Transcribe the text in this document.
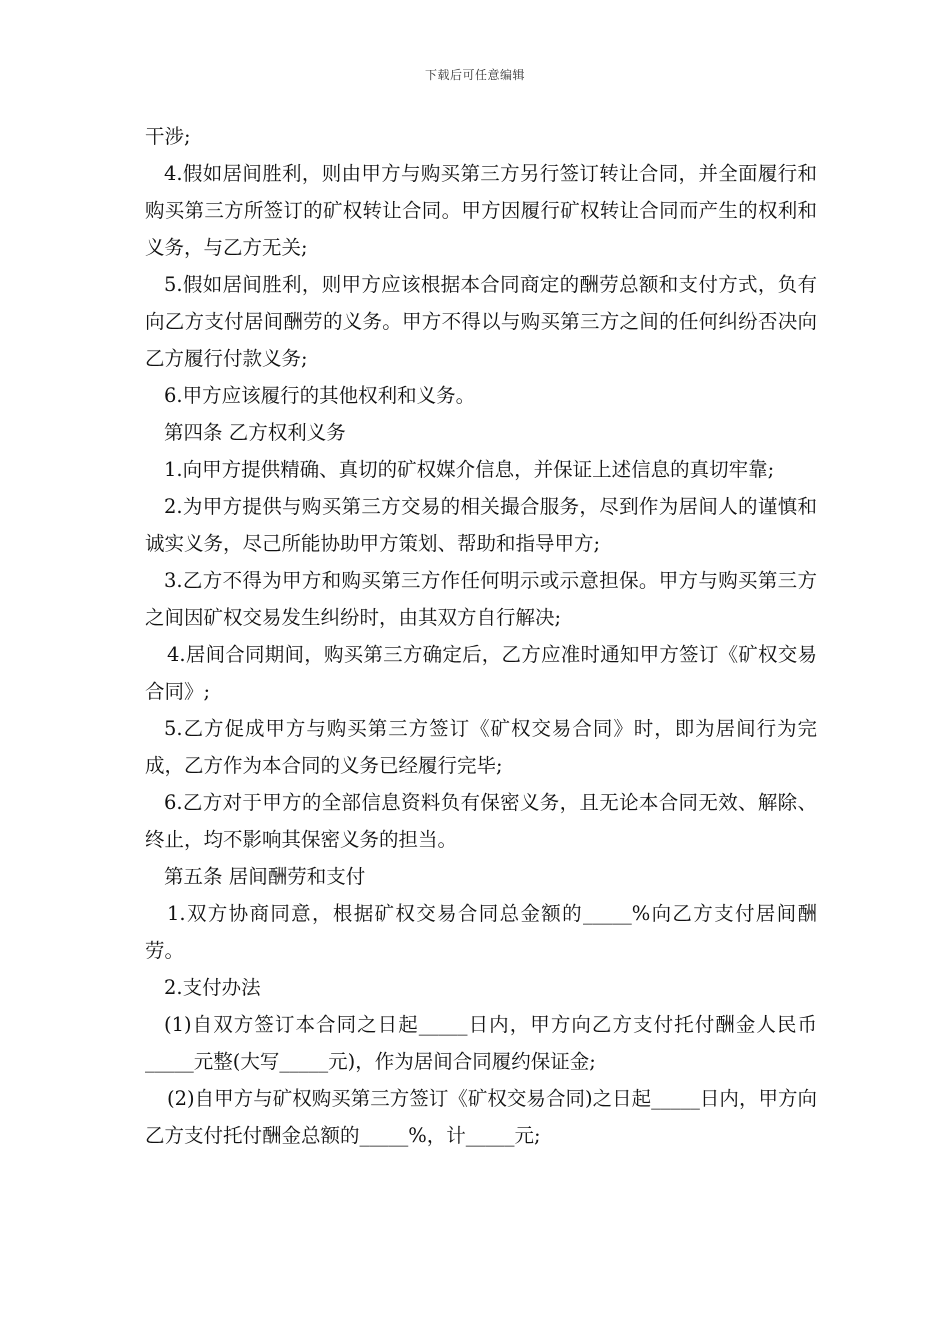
下载后可任意编辑

干涉;

4.假如居间胜利，则由甲方与购买第三方另行签订转让合同，并全面履行和购买第三方所签订的矿权转让合同。甲方因履行矿权转让合同而产生的权利和义务，与乙方无关;

5.假如居间胜利，则甲方应该根据本合同商定的酬劳总额和支付方式，负有向乙方支付居间酬劳的义务。甲方不得以与购买第三方之间的任何纠纷否决向乙方履行付款义务;

6.甲方应该履行的其他权利和义务。

第四条 乙方权利义务

1.向甲方提供精确、真切的矿权媒介信息，并保证上述信息的真切牢靠;

2.为甲方提供与购买第三方交易的相关撮合服务，尽到作为居间人的谨慎和诚实义务，尽己所能协助甲方策划、帮助和指导甲方;

3.乙方不得为甲方和购买第三方作任何明示或示意担保。甲方与购买第三方之间因矿权交易发生纠纷时，由其双方自行解决;

4.居间合同期间，购买第三方确定后，乙方应准时通知甲方签订《矿权交易合同》;

5.乙方促成甲方与购买第三方签订《矿权交易合同》时，即为居间行为完成，乙方作为本合同的义务已经履行完毕;

6.乙方对于甲方的全部信息资料负有保密义务，且无论本合同无效、解除、终止，均不影响其保密义务的担当。

第五条 居间酬劳和支付

1.双方协商同意，根据矿权交易合同总金额的_____%向乙方支付居间酬劳。

2.支付办法

(1)自双方签订本合同之日起_____日内，甲方向乙方支付托付酬金人民币_____元整(大写_____元)，作为居间合同履约保证金;

(2)自甲方与矿权购买第三方签订《矿权交易合同)之日起_____日内，甲方向乙方支付托付酬金总额的_____%，计_____元;
